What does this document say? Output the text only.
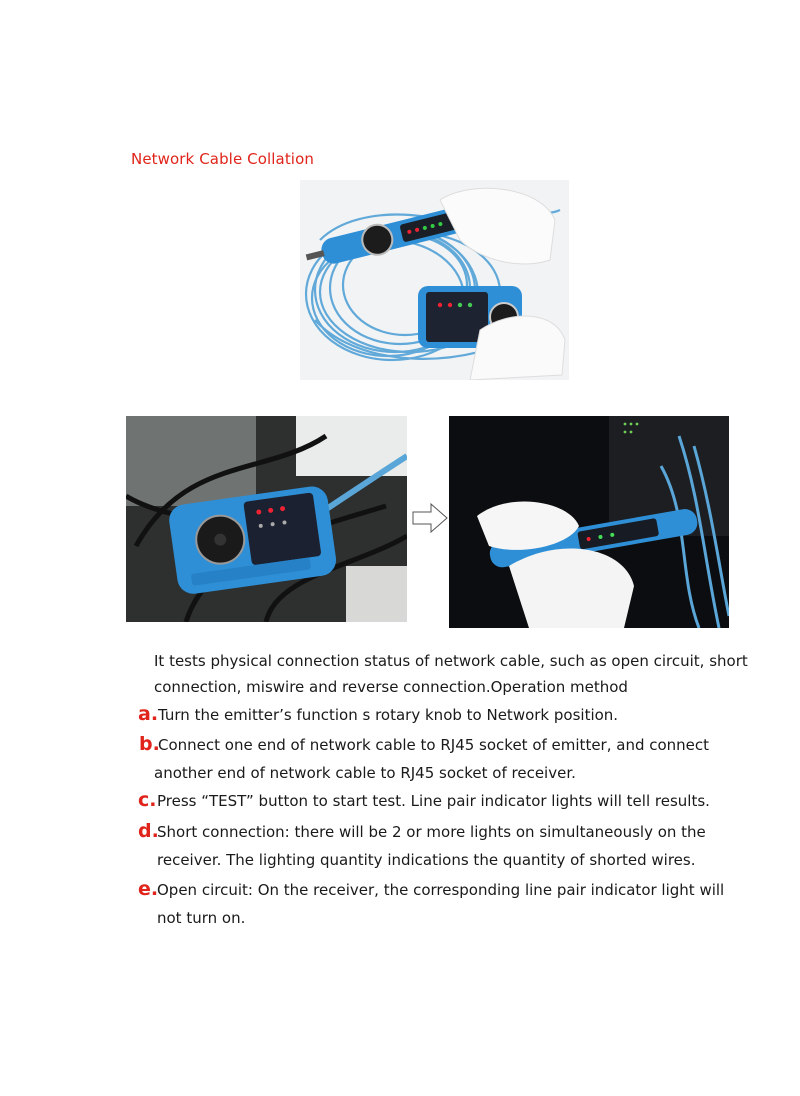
Network Cable Collation
It tests physical connection status of network cable, such as open circuit, short
connection, miswire and reverse connection.Operation method
a. Turn the emitter’s function s rotary knob to Network position.
b.
Connect one end of network cable to RJ45 socket of emitter, and connect
another end of network cable to RJ45 socket of receiver.
c. Press “TEST” button to start test. Line pair indicator lights will tell results.
d.
Short connection: there will be 2 or more lights on simultaneously on the
receiver. The lighting quantity indications the quantity of shorted wires.
e.
Open circuit: On the receiver, the corresponding line pair indicator light will
not turn on.
